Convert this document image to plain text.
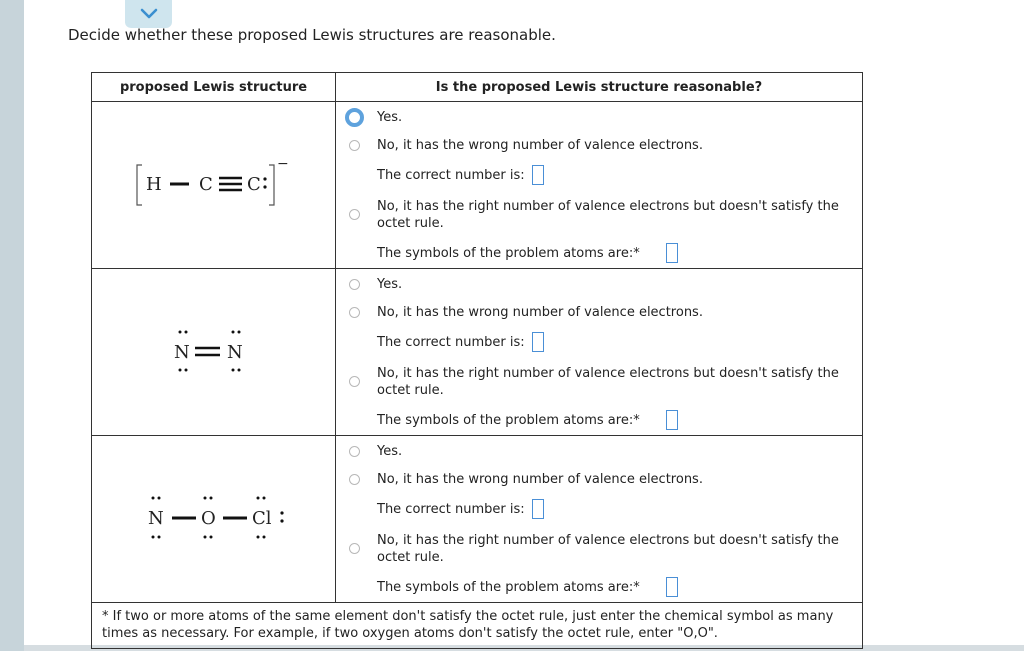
Decide whether these proposed Lewis structures are reasonable.
proposed Lewis structure	Is the proposed Lewis structure reasonable?
H C C
−
Yes.
No, it has the wrong number of valence electrons.
The correct number is:
No, it has the right number of valence electrons but doesn't satisfy the octet rule.
The symbols of the problem atoms are:*
N N
Yes.
No, it has the wrong number of valence electrons.
The correct number is:
No, it has the right number of valence electrons but doesn't satisfy the octet rule.
The symbols of the problem atoms are:*
N O Cl
Yes.
No, it has the wrong number of valence electrons.
The correct number is:
No, it has the right number of valence electrons but doesn't satisfy the octet rule.
The symbols of the problem atoms are:*
* If two or more atoms of the same element don't satisfy the octet rule, just enter the chemical symbol as many times as necessary. For example, if two oxygen atoms don't satisfy the octet rule, enter "O,O".
